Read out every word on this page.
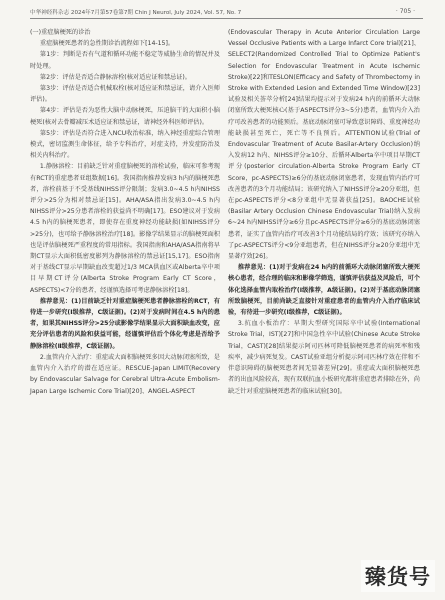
中华神经科杂志 2024年7月第57卷第7期 Chin J Neurol, July 2024, Vol. 57, No. 7	· 705 ·

(一)重症脑梗死的诊治

重症脑梗死患者的急性期诊治流程如下[14-15]。

第1步：判断是否有气道和循环功能不稳定等威胁生命的情况并及时处理。

第2步：评估是否适合静脉溶栓(核对适应证和禁忌证)。

第3步：评估是否适合机械取栓(核对适应证和禁忌证，请介入医师评估)。

第4步：评估是否为恶性大脑中动脉梗死，压迫脑干的大面积小脑梗死(核对去骨瓣减压术适应证和禁忌证，请神经外科医师评估)。

第5步：评估是否符合进入NCU收治标准，纳入神经重症综合管理模式，密切监测生命体征，给予专科治疗，对症支持，并发症防治及相关内科治疗。

1.静脉溶栓：目前缺乏针对重症脑梗死的溶栓试验，临床可参考现有RCT的重症患者亚组数据[16]。我国指南推荐发病3 h内的脑梗死患者，溶栓前基于不受基线NIHSS评分限制；发病3.0~4.5 h内NIHSS评分>25分为相对禁忌证[15]。AHA/ASA指出发病3.0~4.5 h内NIHSS评分>25分患者溶栓的获益尚不明确[17]。ESO建议对于发病4.5 h内的脑梗死患者，即使存在重度神经功能缺损(如NIHSS评分>25分)，也可给予静脉溶栓治疗[18]。影像学结果显示的脑梗死面积也是评估脑梗死严重程度的常用指标。我国指南和AHA/ASA指南将早期CT显示大面积低密度影列为静脉溶栓的禁忌证[15,17]。ESO指南对于基线CT显示早期缺血改变超过1/3 MCA供血区或Alberta卒中项目早期CT评分(Alberta Stroke Program Early CT Score，ASPECTS)<7分的患者，经谨慎选择可考虑静脉溶栓[18]。

推荐意见：(1)目前缺乏针对重症脑梗死患者静脉溶栓的RCT，有待进一步研究(Ⅰ级推荐，C级证据)。(2)对于发病时间在4.5 h内的患者，如果其NIHSS评分>25分或影像学结果显示大面积缺血改变，应充分评估患者的风险和获益可能，经谨慎评估后个体化考虑是否给予静脉溶栓(Ⅱ级推荐，C级证据)。

2.血管内介入治疗：重症或大面积脑梗死多因大动脉闭塞所致，是血管内介入治疗的潜在适应证。RESCUE-Japan LIMIT(Recovery by Endovascular Salvage for Cerebral Ultra-Acute Embolism-Japan Large Ischemic Core Trial)[20]、ANGEL-ASPECT

(Endovascular Therapy in Acute Anterior Circulation Large Vessel Occlusive Patients with a Large Infarct Core trial)[21]、SELECT2(Randomized Controlled Trial to Optimize Patient's Selection for Endovascular Treatment in Acute Ischemic Stroke)[22]和TESLON(Efficacy and Safety of Thrombectomy in Stroke with Extended Lesion and Extended Time Window)[23]试验及相关荟萃分析[24]结果均提示对于发病24 h内的前循环大动脉闭塞所致大梗死核心(基于ASPECTS评分3~5分)患者，血管内介入治疗可改善患者的功能预后。基底动脉闭塞可导致意识障碍、重度神经功能缺损甚至死亡，死亡等不良预后。ATTENTION试验(Trial of Endovascular Treatment of Acute Basilar-Artery Occlusion)纳入发病12 h内、NIHSS评分≥10分、后循环Alberta卒中项目早期CT评分(posterior circulation-Alberta Stroke Program Early CT Score，pc-ASPECTS)≥6分的基底动脉闭塞患者，发现血管内治疗可改善患者的3个月功能结局；该研究纳入了NIHSS评分≥20分亚组，但在pc-ASPECTS评分<8分亚组中无显著获益[25]。BAOCHE试验(Basilar Artery Occlusion Chinese Endovascular Trial)纳入发病6~24 h内NIHSS评分≥6分且pc-ASPECTS评分≥6分的基底动脉闭塞患者，证实了血管内治疗可改善3个月功能结局的疗效；该研究亦纳入了pc-ASPECTS评分<9分亚组患者，但在NIHSS评分≥20分亚组中无显著疗效[26]。

推荐意见：(1)对于发病在24 h内的前循环大动脉闭塞所致大梗死核心患者，经合理的临床和影像学筛选，谨慎评估获益及风险后，可个体化选择血管内取栓治疗(Ⅰ级推荐，A级证据)。(2)对于基底动脉闭塞所致脑梗死，目前尚缺乏直接针对重症患者的血管内介入治疗临床试验，有待进一步研究(Ⅰ级推荐，C级证据)。

3.抗血小板治疗：早期大型研究国际卒中试验(International Stroke Trial，IST)[27]和中国急性卒中试验(Chinese Acute Stroke Trial，CAST)[28]结果提示阿司匹林可降低脑梗死患者的病死率和残疾率，减少病死复发。CAST试验亚组分析提示阿司匹林疗效在伴和不伴意识障碍的脑梗死患者间无显著差异[29]。重症或大面积脑梗死患者的出血风险较高，现有双联抗血小板研究都将重症患者排除在外，尚缺乏针对重症脑梗死患者的临床试验[30]。

臻货号
